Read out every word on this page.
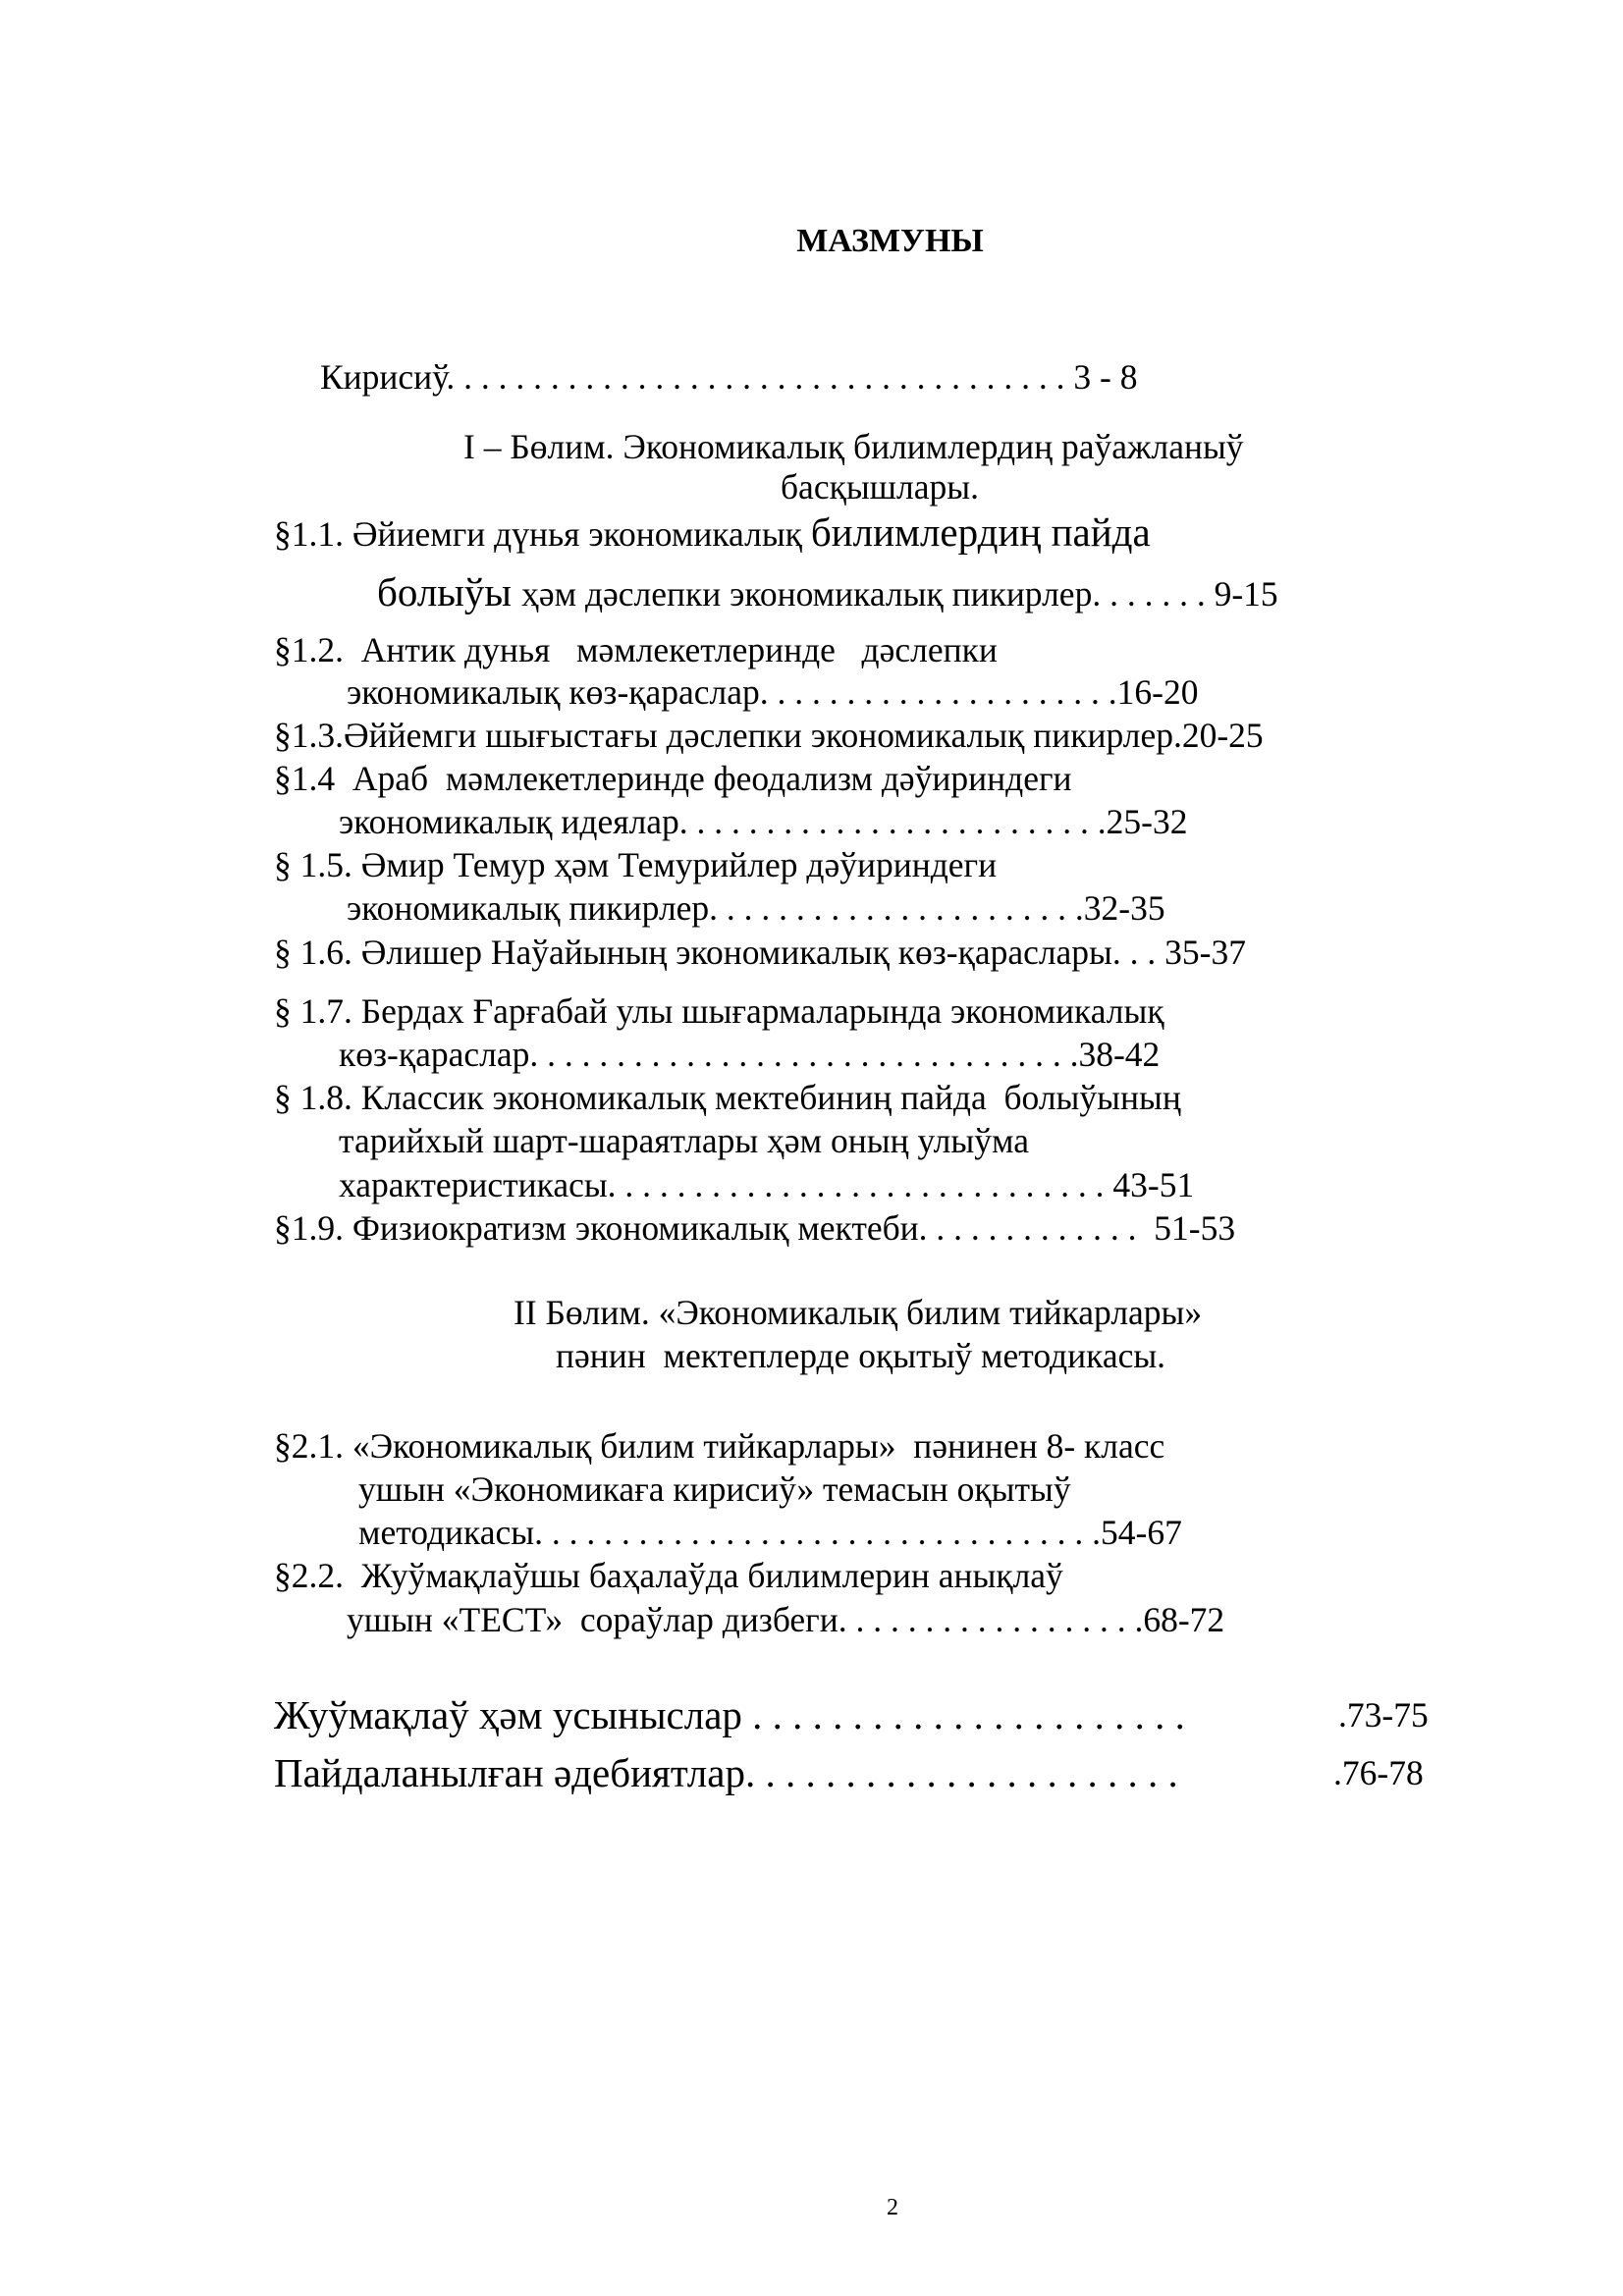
МАЗМУНЫ
Кирисиў. . . . . . . . . . . . . . . . . . . . . . . . . . . . . . . . . . . . 3 - 8
I – Бөлим. Экономикалық билимлердиң раўажланыў
басқышлары.
§1.1. Әйиемги дүнья экономикалық билимлердиң пайда
болыўы ҳәм дәслепки экономикалық пикирлер. . . . . . . 9-15
§1.2.  Антик дунья   мәмлекетлеринде   дәслепки
экономикалық көз-қараслар. . . . . . . . . . . . . . . . . . . . .16-20
§1.3.Әййемги шығыстағы дәслепки экономикалық пикирлер.20-25
§1.4  Араб  мәмлекетлеринде феодализм дәўириндеги
экономикалық идеялар. . . . . . . . . . . . . . . . . . . . . . . . .25-32
§ 1.5. Әмир Темур ҳәм Темурийлер дәўириндеги
экономикалық пикирлер. . . . . . . . . . . . . . . . . . . . . .32-35
§ 1.6. Әлишер Наўайының экономикалық көз-қараслары. . . 35-37
§ 1.7. Бердах Ғарғабай улы шығармаларында экономикалық
көз-қараслар. . . . . . . . . . . . . . . . . . . . . . . . . . . . . . . .38-42
§ 1.8. Классик экономикалық мектебиниң пайда  болыўының
тарийхый шарт-шараятлары ҳәм оның улыўма
характеристикасы. . . . . . . . . . . . . . . . . . . . . . . . . . . . . 43-51
§1.9. Физиократизм экономикалық мектеби. . . . . . . . . . . . .  51-53
II Бөлим. «Экономикалық билим тийкарлары»
пәнин  мектеплерде оқытыў методикасы.
§2.1. «Экономикалық билим тийкарлары»  пәнинен 8- класс
ушын «Экономикаға кирисиў» темасын оқытыў
методикасы. . . . . . . . . . . . . . . . . . . . . . . . . . . . . . . . .54-67
§2.2.  Жуўмақлаўшы баҳалаўда билимлерин анықлаў
ушын «ТЕСТ»  сораўлар дизбеги. . . . . . . . . . . . . . . . . .68-72
Жуўмақлаў ҳәм усыныслар . . . . . . . . . . . . . . . . . . . . . .	.73-75
Пайдаланылған әдебиятлар. . . . . . . . . . . . . . . . . . . . . .	.76-78
2
